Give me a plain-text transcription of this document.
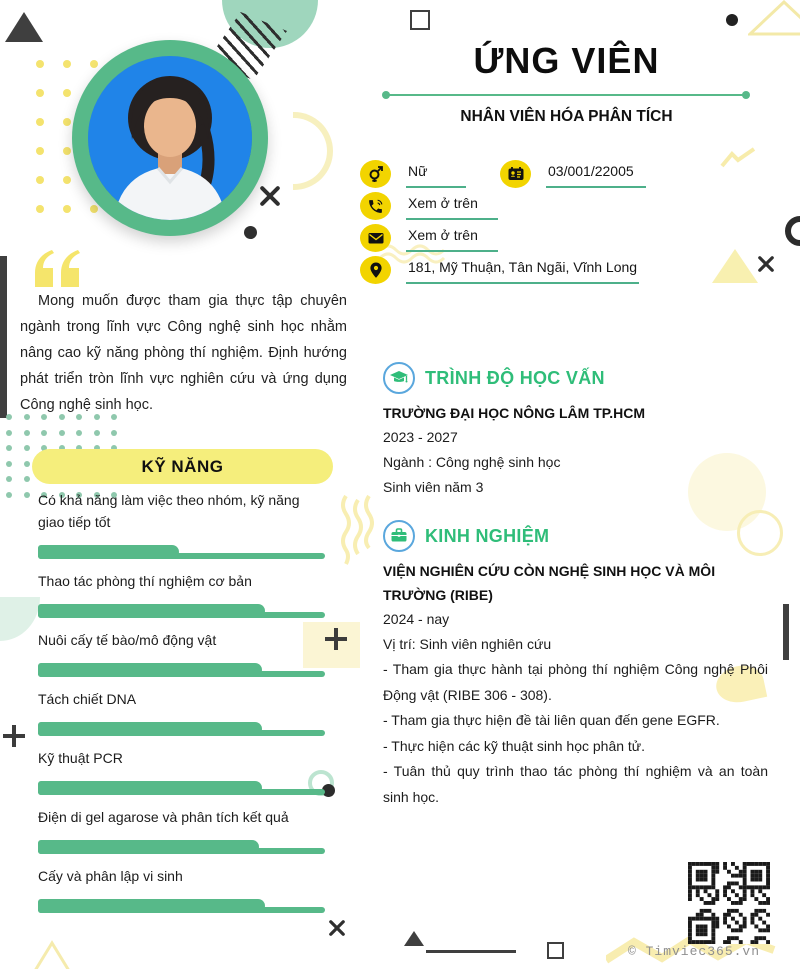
© Timviec365.vn
Mong muốn được tham gia thực tập chuyên ngành trong lĩnh vực Công nghệ sinh học nhằm nâng cao kỹ năng phòng thí nghiệm. Định hướng phát triển tròn lĩnh vực nghiên cứu và ứng dụng Công nghệ sinh học.
KỸ NĂNG
Có khả năng làm việc theo nhóm, kỹ năng giao tiếp tốt
Thao tác phòng thí nghiệm cơ bản
Nuôi cấy tế bào/mô động vật
Tách chiết DNA
Kỹ thuật PCR
Điện di gel agarose và phân tích kết quả
Cấy và phân lập vi sinh
ỨNG VIÊN
NHÂN VIÊN HÓA PHÂN TÍCH
Nữ	03/001/22005
Xem ở trên
Xem ở trên
181, Mỹ Thuận, Tân Ngãi, Vĩnh Long
TRÌNH ĐỘ HỌC VẤN
TRƯỜNG ĐẠI HỌC NÔNG LÂM TP.HCM
2023 - 2027
Ngành : Công nghệ sinh học
Sinh viên năm 3
KINH NGHIỆM
VIỆN NGHIÊN CỨU CÒN NGHỆ SINH HỌC VÀ MÔI TRƯỜNG (RIBE)
2024 - nay
Vị trí: Sinh viên nghiên cứu
- Tham gia thực hành tại phòng thí nghiệm Công nghệ Phôi Động vật (RIBE 306 - 308).
- Tham gia thực hiện đề tài liên quan đến gene EGFR.
- Thực hiện các kỹ thuật sinh học phân tử.
- Tuân thủ quy trình thao tác phòng thí nghiệm và an toàn sinh học.
